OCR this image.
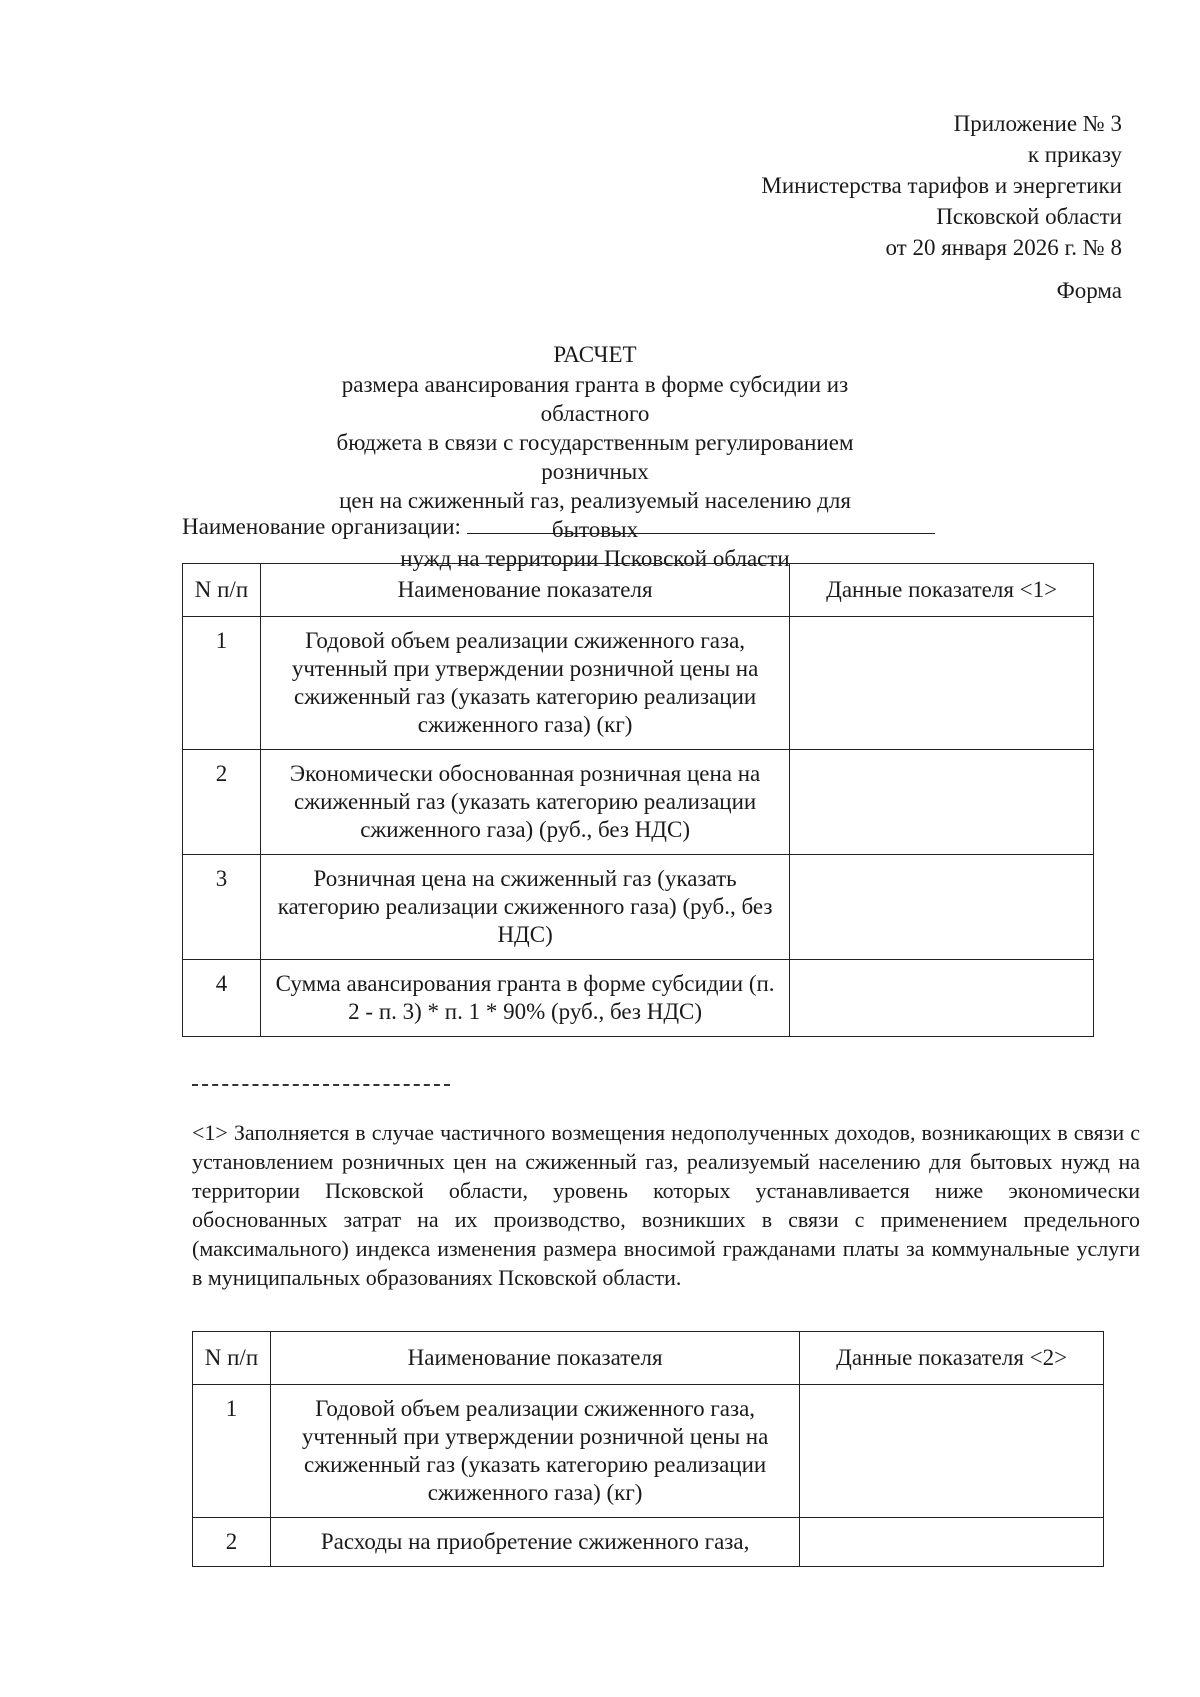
Приложение № 3
к приказу
Министерства тарифов и энергетики
Псковской области
от 20 января 2026 г. № 8
Форма
РАСЧЕТ
размера авансирования гранта в форме субсидии из областного
бюджета в связи с государственным регулированием розничных
цен на сжиженный газ, реализуемый населению для бытовых
нужд на территории Псковской области
Наименование организации:
N п/п	Наименование показателя	Данные показателя <1>
1	Годовой объем реализации сжиженного газа, учтенный при утверждении розничной цены на сжиженный газ (указать категорию реализации сжиженного газа) (кг)	
2	Экономически обоснованная розничная цена на сжиженный газ (указать категорию реализации сжиженного газа) (руб., без НДС)	
3	Розничная цена на сжиженный газ (указать категорию реализации сжиженного газа) (руб., без НДС)	
4	Сумма авансирования гранта в форме субсидии (п. 2 - п. 3) * п. 1 * 90% (руб., без НДС)	
<1> Заполняется в случае частичного возмещения недополученных доходов, возникающих в связи с установлением розничных цен на сжиженный газ, реализуемый населению для бытовых нужд на территории Псковской области, уровень которых устанавливается ниже экономически обоснованных затрат на их производство, возникших в связи с применением предельного (максимального) индекса изменения размера вносимой гражданами платы за коммунальные услуги в муниципальных образованиях Псковской области.
N п/п	Наименование показателя	Данные показателя <2>
1	Годовой объем реализации сжиженного газа, учтенный при утверждении розничной цены на сжиженный газ (указать категорию реализации сжиженного газа) (кг)	
2	Расходы на приобретение сжиженного газа,	
